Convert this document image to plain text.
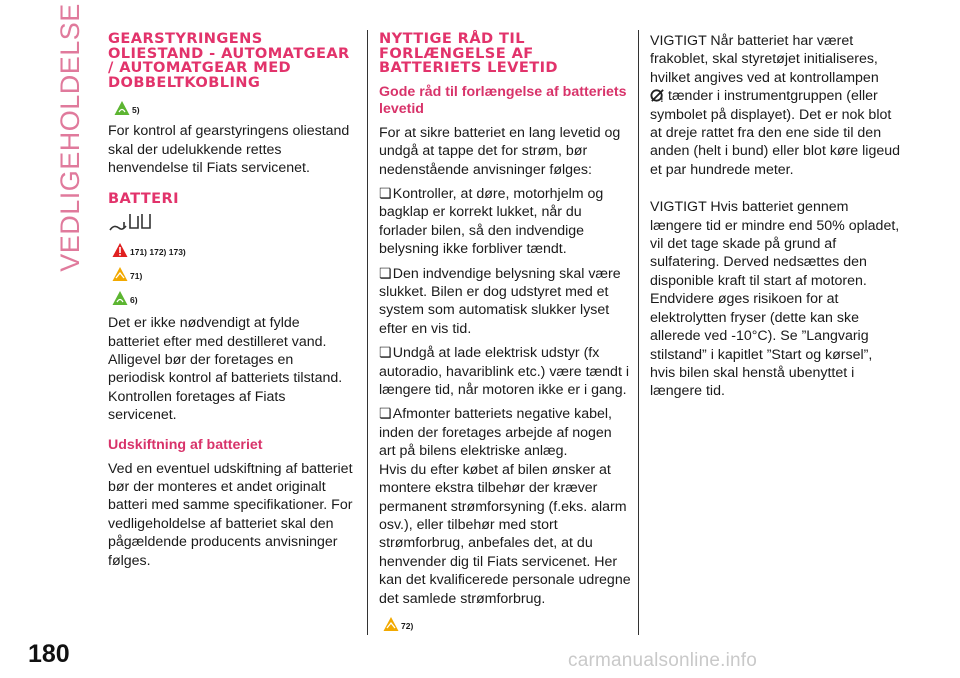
VEDLIGEHOLDELSE GEARSTYRINGENS OLIESTAND - AUTOMATGEAR / AUTOMATGEAR MED DOBBELTKOBLING
5)

For kontrol af gearstyringens oliestand skal der udelukkende rettes henvendelse til Fiats servicenet.

BATTERI
171) 172) 173)
71)
6)

Det er ikke nødvendigt at fylde batteriet efter med destilleret vand.

Alligevel bør der foretages en periodisk kontrol af batteriets tilstand. Kontrollen foretages af Fiats servicenet.

Udskiftning af batteriet

Ved en eventuel udskiftning af batteriet bør der monteres et andet originalt batteri med samme specifikationer. For vedligeholdelse af batteriet skal den pågældende producents anvisninger følges.

NYTTIGE RÅD TIL FORLÆNGELSE AF BATTERIETS LEVETID
Gode råd til forlængelse af batteriets levetid

For at sikre batteriet en lang levetid og undgå at tappe det for strøm, bør nedenstående anvisninger følges:

❏ Kontroller, at døre, motorhjelm og bagklap er korrekt lukket, når du forlader bilen, så den indvendige belysning ikke forbliver tændt.

❏ Den indvendige belysning skal være slukket. Bilen er dog udstyret med et system som automatisk slukker lyset efter en vis tid.

❏ Undgå at lade elektrisk udstyr (fx autoradio, havariblink etc.) være tændt i længere tid, når motoren ikke er i gang.

❏ Afmonter batteriets negative kabel, inden der foretages arbejde af nogen art på bilens elektriske anlæg.

Hvis du efter købet af bilen ønsker at montere ekstra tilbehør der kræver permanent strømforsyning (f.eks. alarm osv.), eller tilbehør med stort strømforbrug, anbefales det, at du henvender dig til Fiats servicenet. Her kan det kvalificerede personale udregne det samlede strømforbrug.

72)

VIGTIGT Når batteriet har været frakoblet, skal styretøjet initialiseres, hvilket angives ved at kontrollampen

! tænder i instrumentgruppen (eller symbolet på displayet). Det er nok blot at dreje rattet fra den ene side til den anden (helt i bund) eller blot køre ligeud et par hundrede meter.

VIGTIGT Hvis batteriet gennem længere tid er mindre end 50% opladet, vil det tage skade på grund af sulfatering. Derved nedsættes den disponible kraft til start af motoren. Endvidere øges risikoen for at elektrolytten fryser (dette kan ske allerede ved -10°C). Se ”Langvarig stilstand” i kapitlet ”Start og kørsel”, hvis bilen skal henstå ubenyttet i længere tid.

180	carmanualsonline.info
